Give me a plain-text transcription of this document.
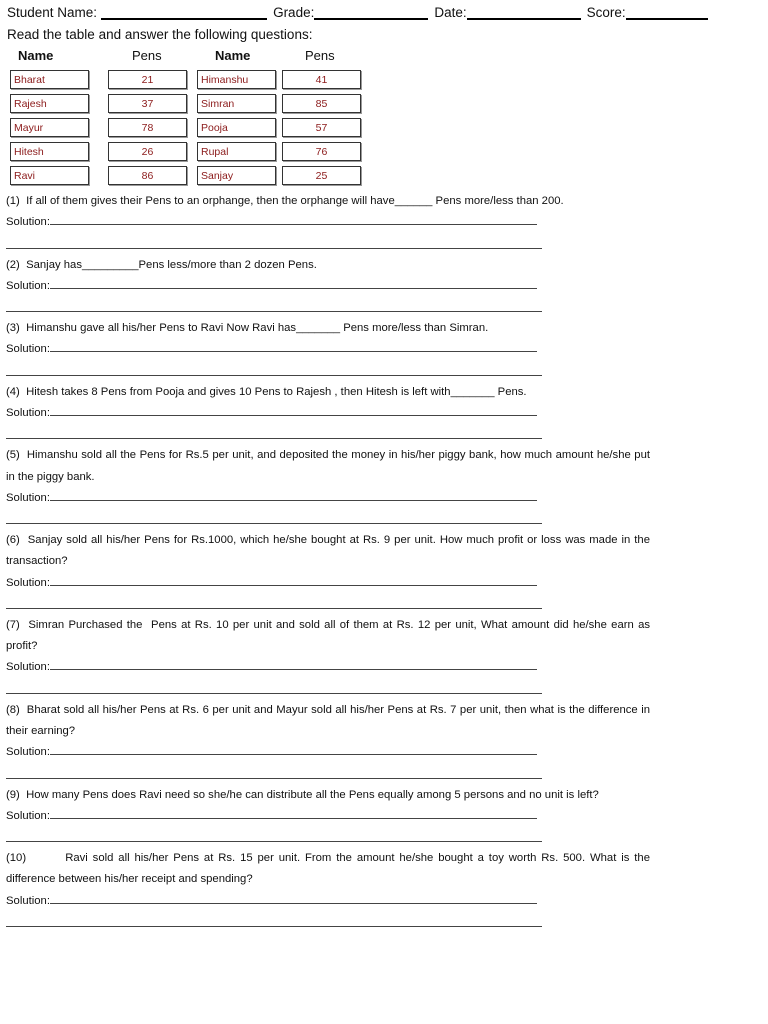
Student Name:	Grade:	Date:	Score:
Read the table and answer the following questions:
Name	Pens	Name	Pens
Bharat	21	Himanshu	41
Rajesh	37	Simran	85
Mayur	78	Pooja	57
Hitesh	26	Rupal	76
Ravi	86	Sanjay	25

(1)  If all of them gives their Pens to an orphange, then the orphange will have______ Pens more/less than 200.

Solution:

(2)  Sanjay has_________Pens less/more than 2 dozen Pens.

Solution:

(3)  Himanshu gave all his/her Pens to Ravi Now Ravi has_______ Pens more/less than Simran.

Solution:

(4)  Hitesh takes 8 Pens from Pooja and gives 10 Pens to Rajesh , then Hitesh is left with_______ Pens.

Solution:

(5)  Himanshu sold all the Pens for Rs.5 per unit, and deposited the money in his/her piggy bank, how much amount he/she put in the piggy bank.

Solution:

(6)  Sanjay sold all his/her Pens for Rs.1000, which he/she bought at Rs. 9 per unit. How much profit or loss was made in the transaction?

Solution:

(7)  Simran Purchased the  Pens at Rs. 10 per unit and sold all of them at Rs. 12 per unit, What amount did he/she earn as profit?

Solution:

(8)  Bharat sold all his/her Pens at Rs. 6 per unit and Mayur sold all his/her Pens at Rs. 7 per unit, then what is the difference in their earning?

Solution:

(9)  How many Pens does Ravi need so she/he can distribute all the Pens equally among 5 persons and no unit is left?

Solution:

(10)        Ravi sold all his/her Pens at Rs. 15 per unit. From the amount he/she bought a toy worth Rs. 500. What is the difference between his/her receipt and spending?

Solution:
